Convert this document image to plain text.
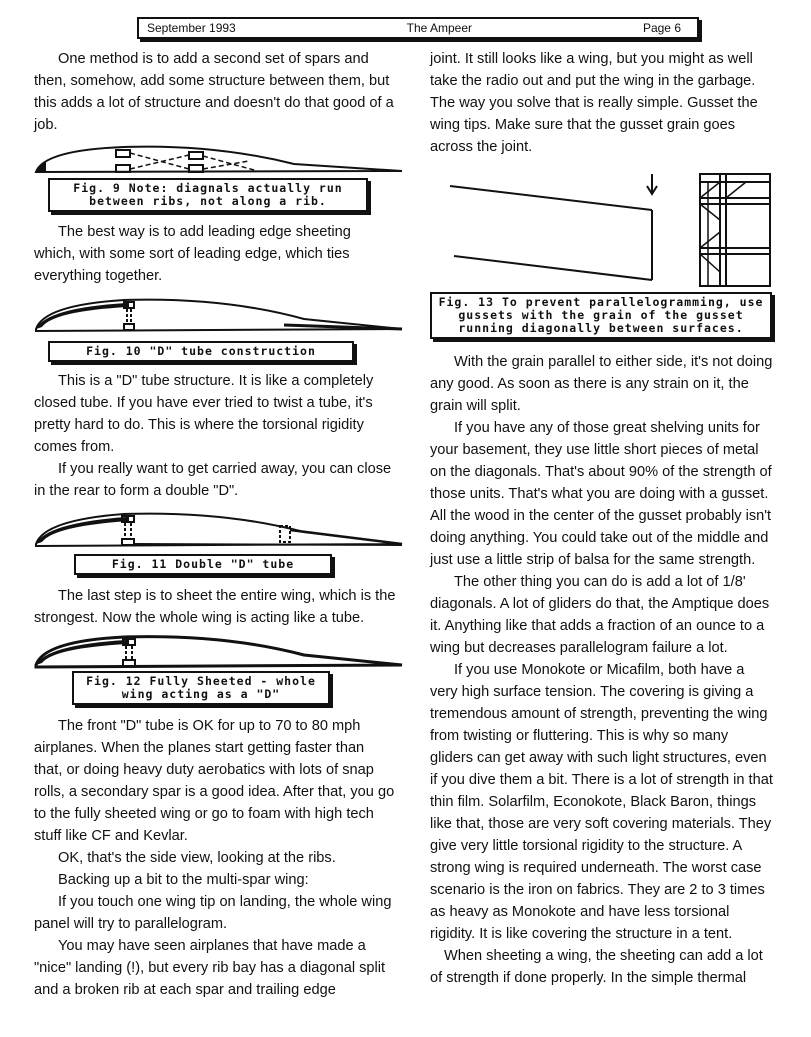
September 1993	The Ampeer	Page 6

One method is to add a second set of spars and then, somehow, add some structure between them, but this adds a lot of structure and doesn't do that good of a job.

Fig. 9 Note: diagnals actually run between ribs, not along a rib.

The best way is to add leading edge sheeting which, with some sort of leading edge, which ties everything together.

Fig. 10 "D" tube construction

This is a "D" tube structure. It is like a completely closed tube. If you have ever tried to twist a tube, it's pretty hard to do. This is where the torsional rigidity comes from.

If you really want to get carried away, you can close in the rear to form a double "D".

Fig. 11 Double "D" tube

The last step is to sheet the entire wing, which is the strongest. Now the whole wing is acting like a tube.

Fig. 12 Fully Sheeted - whole wing acting as a "D"

The front "D" tube is OK for up to 70 to 80 mph airplanes. When the planes start getting faster than that, or doing heavy duty aerobatics with lots of snap rolls, a secondary spar is a good idea. After that, you go to the fully sheeted wing or go to foam with high tech stuff like CF and Kevlar.

OK, that's the side view, looking at the ribs.

Backing up a bit to the multi-spar wing:

If you touch one wing tip on landing, the whole wing panel will try to parallelogram.

You may have seen airplanes that have made a "nice" landing (!), but every rib bay has a diagonal split and a broken rib at each spar and trailing edge

joint. It still looks like a wing, but you might as well take the radio out and put the wing in the garbage. The way you solve that is really simple. Gusset the wing tips. Make sure that the gusset grain goes across the joint.

Fig. 13 To prevent parallelogramming, use gussets with the grain of the gusset running diagonally between surfaces.

With the grain parallel to either side, it's not doing any good. As soon as there is any strain on it, the grain will split.

If you have any of those great shelving units for your basement, they use little short pieces of metal on the diagonals. That's about 90% of the strength of those units. That's what you are doing with a gusset. All the wood in the center of the gusset probably isn't doing anything. You could take out of the middle and just use a little strip of balsa for the same strength.

The other thing you can do is add a lot of 1/8' diagonals. A lot of gliders do that, the Amptique does it. Anything like that adds a fraction of an ounce to a wing but decreases parallelogram failure a lot.

If you use Monokote or Micafilm, both have a very high surface tension. The covering is giving a tremendous amount of strength, preventing the wing from twisting or fluttering. This is why so many gliders can get away with such light structures, even if you dive them a bit. There is a lot of strength in that thin film. Solarfilm, Econokote, Black Baron, things like that, those are very soft covering materials. They give very little torsional rigidity to the structure. A strong wing is required underneath. The worst case scenario is the iron on fabrics. They are 2 to 3 times as heavy as Monokote and have less torsional rigidity. It is like covering the structure in a tent.

When sheeting a wing, the sheeting can add a lot of strength if done properly. In the simple thermal
